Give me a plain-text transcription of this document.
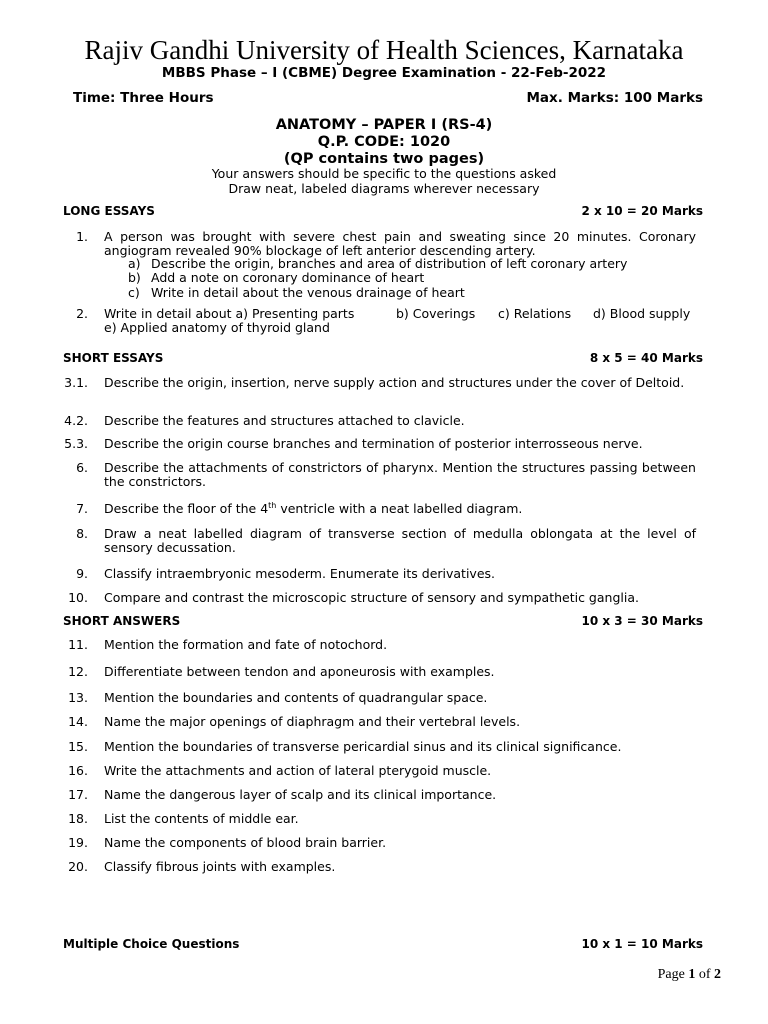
Rajiv Gandhi University of Health Sciences, Karnataka
MBBS Phase – I (CBME) Degree Examination - 22-Feb-2022
Time: Three Hours	Max. Marks: 100 Marks
ANATOMY – PAPER I (RS-4)
Q.P. CODE: 1020
(QP contains two pages)
Your answers should be specific to the questions asked
Draw neat, labeled diagrams wherever necessary
LONG ESSAYS	2 x 10 = 20 Marks
1. A person was brought with severe chest pain and sweating since 20 minutes. Coronary angiogram revealed 90% blockage of left anterior descending artery.
a) Describe the origin, branches and area of distribution of left coronary artery
b) Add a note on coronary dominance of heart
c) Write in detail about the venous drainage of heart
2. Write in detail about a) Presenting parts	b) Coverings c) Relations d) Blood supply
e) Applied anatomy of thyroid gland
SHORT ESSAYS	8 x 5 = 40 Marks
3.1. Describe the origin, insertion, nerve supply action and structures under the cover of Deltoid.
4.2. Describe the features and structures attached to clavicle.
5.3. Describe the origin course branches and termination of posterior interrosseous nerve.
6. Describe the attachments of constrictors of pharynx. Mention the structures passing between the constrictors.
7. Describe the floor of the 4th ventricle with a neat labelled diagram.
8. Draw a neat labelled diagram of transverse section of medulla oblongata at the level of sensory decussation.
9. Classify intraembryonic mesoderm. Enumerate its derivatives.
10. Compare and contrast the microscopic structure of sensory and sympathetic ganglia.
SHORT ANSWERS	10 x 3 = 30 Marks
11. Mention the formation and fate of notochord.
12. Differentiate between tendon and aponeurosis with examples.
13. Mention the boundaries and contents of quadrangular space.
14. Name the major openings of diaphragm and their vertebral levels.
15. Mention the boundaries of transverse pericardial sinus and its clinical significance.
16. Write the attachments and action of lateral pterygoid muscle.
17. Name the dangerous layer of scalp and its clinical importance.
18. List the contents of middle ear.
19. Name the components of blood brain barrier.
20. Classify fibrous joints with examples.
Multiple Choice Questions	10 x 1 = 10 Marks
Page 1 of 2
